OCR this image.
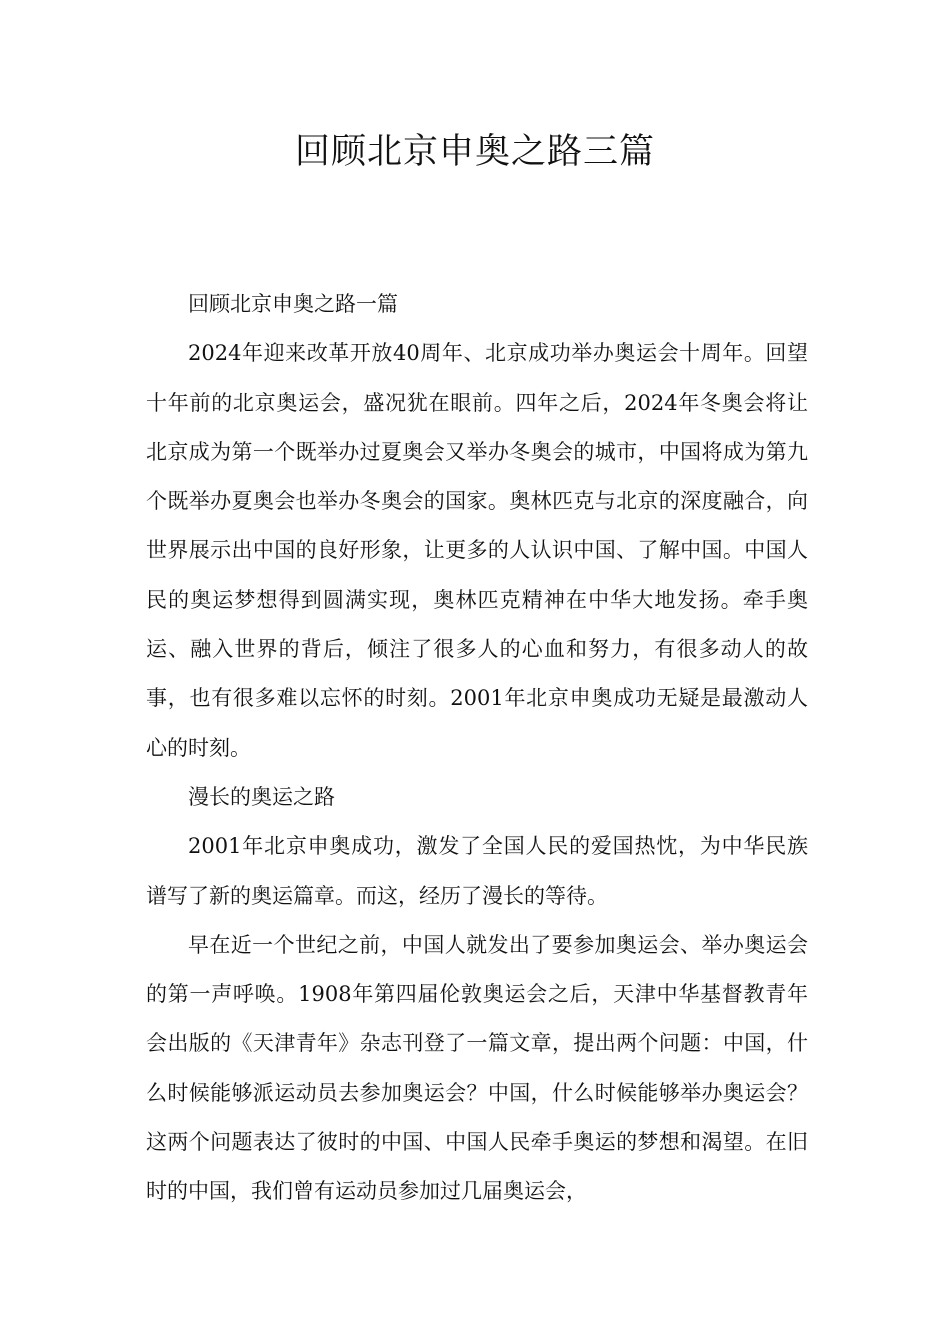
回顾北京申奥之路三篇

回顾北京申奥之路一篇

2024年迎来改革开放40周年、北京成功举办奥运会十周年。回望十年前的北京奥运会，盛况犹在眼前。四年之后，2024年冬奥会将让北京成为第一个既举办过夏奥会又举办冬奥会的城市，中国将成为第九个既举办夏奥会也举办冬奥会的国家。奥林匹克与北京的深度融合，向世界展示出中国的良好形象，让更多的人认识中国、了解中国。中国人民的奥运梦想得到圆满实现，奥林匹克精神在中华大地发扬。牵手奥运、融入世界的背后，倾注了很多人的心血和努力，有很多动人的故事，也有很多难以忘怀的时刻。2001年北京申奥成功无疑是最激动人心的时刻。

漫长的奥运之路

2001年北京申奥成功，激发了全国人民的爱国热忱，为中华民族谱写了新的奥运篇章。而这，经历了漫长的等待。

早在近一个世纪之前，中国人就发出了要参加奥运会、举办奥运会的第一声呼唤。1908年第四届伦敦奥运会之后，天津中华基督教青年会出版的《天津青年》杂志刊登了一篇文章，提出两个问题：中国，什么时候能够派运动员去参加奥运会？中国，什么时候能够举办奥运会？这两个问题表达了彼时的中国、中国人民牵手奥运的梦想和渴望。在旧时的中国，我们曾有运动员参加过几届奥运会，
